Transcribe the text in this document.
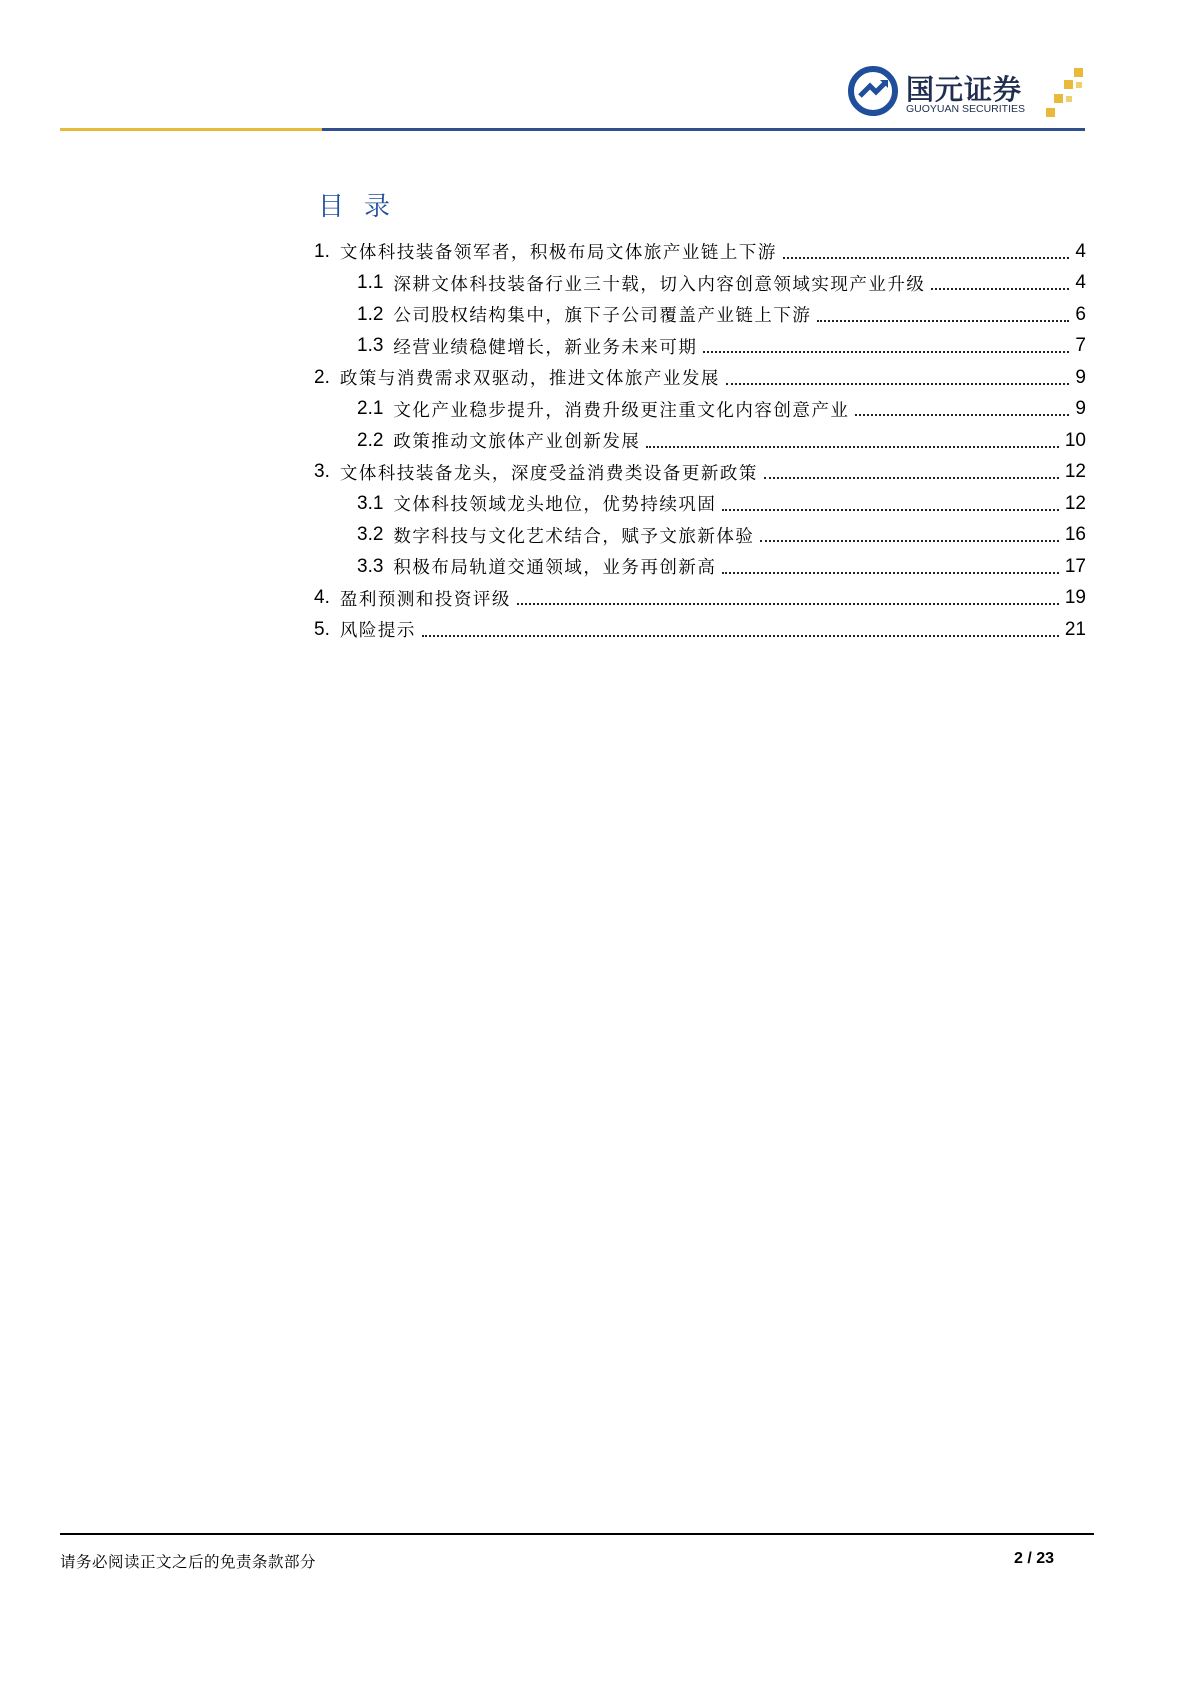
国元证券
GUOYUAN SECURITIES
目录
1. 文体科技装备领军者，积极布局文体旅产业链上下游	4
1.1 深耕文体科技装备行业三十载，切入内容创意领域实现产业升级	4
1.2 公司股权结构集中，旗下子公司覆盖产业链上下游	6
1.3 经营业绩稳健增长，新业务未来可期	7
2. 政策与消费需求双驱动，推进文体旅产业发展	9
2.1 文化产业稳步提升，消费升级更注重文化内容创意产业	9
2.2 政策推动文旅体产业创新发展	10
3. 文体科技装备龙头，深度受益消费类设备更新政策	12
3.1 文体科技领域龙头地位，优势持续巩固	12
3.2 数字科技与文化艺术结合，赋予文旅新体验	16
3.3 积极布局轨道交通领域，业务再创新高	17
4. 盈利预测和投资评级	19
5. 风险提示	21
请务必阅读正文之后的免责条款部分	2 / 23
